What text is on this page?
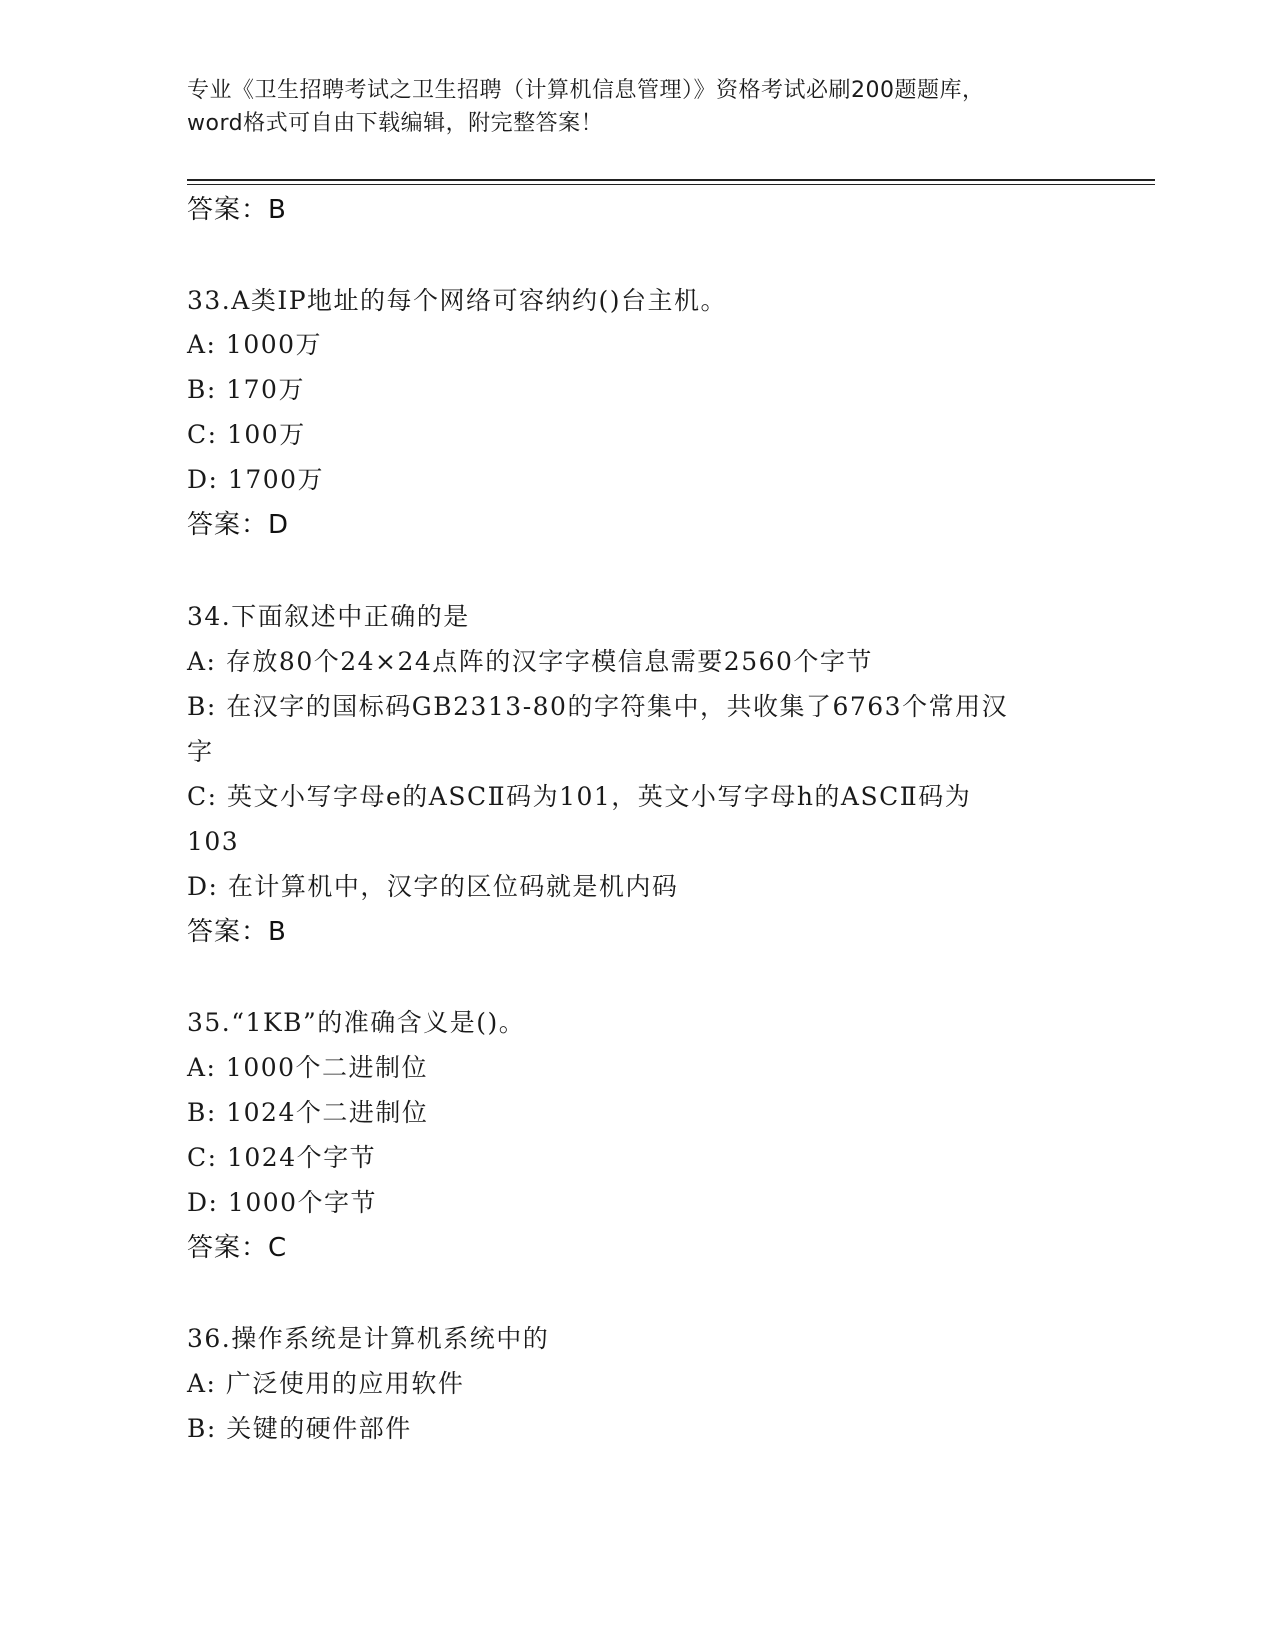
专业《卫生招聘考试之卫生招聘（计算机信息管理）》资格考试必刷200题题库，
word格式可自由下载编辑，附完整答案！
答案：B
33.A类IP地址的每个网络可容纳约()台主机。
A: 1000万
B: 170万
C: 100万
D: 1700万
答案：D
34.下面叙述中正确的是
A: 存放80个24×24点阵的汉字字模信息需要2560个字节
B: 在汉字的国标码GB2313-80的字符集中，共收集了6763个常用汉
字
C: 英文小写字母e的ASCⅡ码为101，英文小写字母h的ASCⅡ码为
103
D: 在计算机中，汉字的区位码就是机内码
答案：B
35.“1KB”的准确含义是()。
A: 1000个二进制位
B: 1024个二进制位
C: 1024个字节
D: 1000个字节
答案：C
36.操作系统是计算机系统中的
A: 广泛使用的应用软件
B: 关键的硬件部件
